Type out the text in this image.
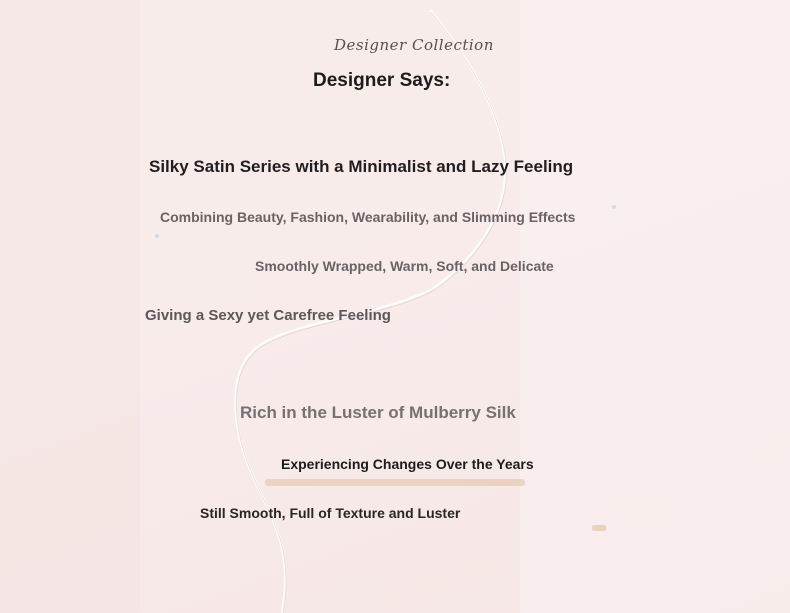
Designer Collection
Designer Says:
Silky Satin Series with a Minimalist and Lazy Feeling
Combining Beauty, Fashion, Wearability, and Slimming Effects
Smoothly Wrapped, Warm, Soft, and Delicate
Giving a Sexy yet Carefree Feeling
Rich in the Luster of Mulberry Silk
Experiencing Changes Over the Years
Still Smooth, Full of Texture and Luster
